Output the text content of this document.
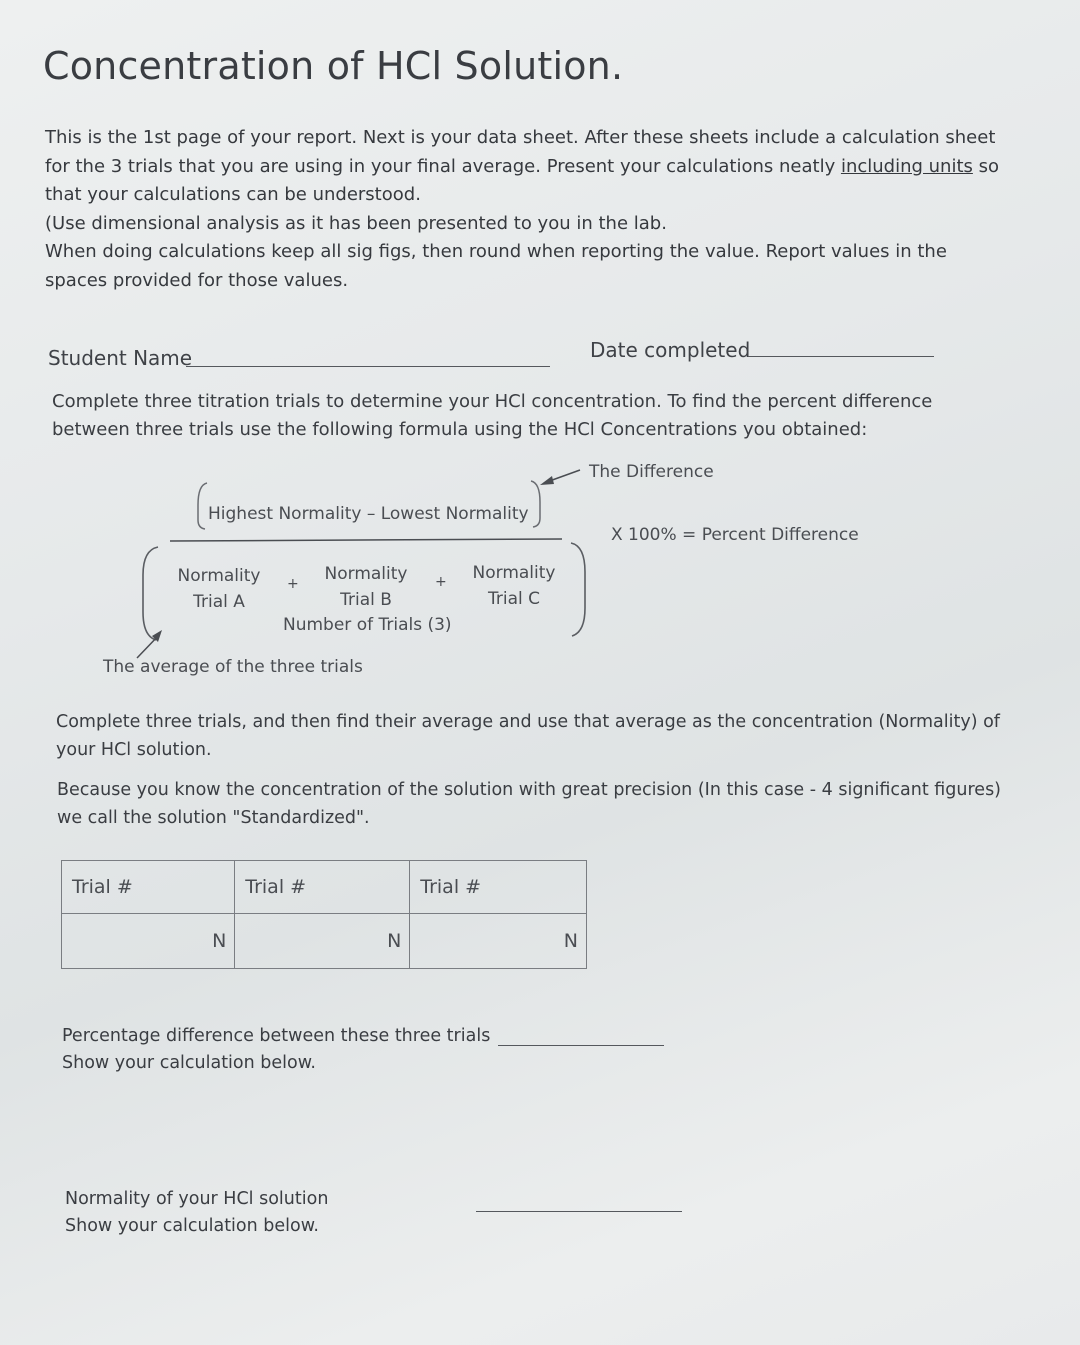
Concentration of HCl Solution.

This is the 1st page of your report. Next is your data sheet. After these sheets include a calculation sheet for the 3 trials that you are using in your final average. Present your calculations neatly including units so that your calculations can be understood.

(Use dimensional analysis as it has been presented to you in the lab.

When doing calculations keep all sig figs, then round when reporting the value. Report values in the spaces provided for those values.

Student Name	Date completed
Complete three titration trials to determine your HCl concentration. To find the percent difference between three trials use the following formula using the HCl Concentrations you obtained:
The Difference
Highest Normality – Lowest Normality
X 100% = Percent Difference
Normality
Trial A
+ Normality
Trial B
+ Normality
Trial C
Number of Trials (3)
The average of the three trials
Complete three trials, and then find their average and use that average as the concentration (Normality) of your HCl solution.
Because you know the concentration of the solution with great precision (In this case - 4 significant figures) we call the solution "Standardized".
Trial #	Trial #	Trial #
N	N	N
Percentage difference between these three trials
Show your calculation below.
Normality of your HCl solution
Show your calculation below.
